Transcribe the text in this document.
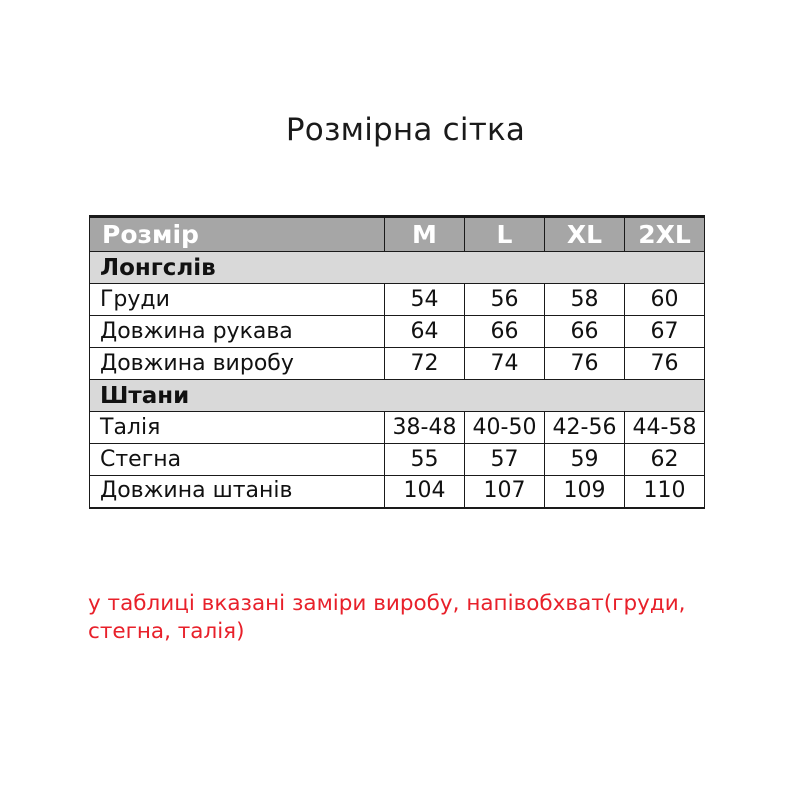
Розмірна сітка
Розмір	M	L	XL	2XL
Лонгслів				
Груди	54	56	58	60
Довжина рукава	64	66	66	67
Довжина виробу	72	74	76	76
Штани				
Талія	38-48	40-50	42-56	44-58
Стегна	55	57	59	62
Довжина штанів	104	107	109	110

у таблиці вказані заміри виробу, напівобхват(груди, стегна, талія)
